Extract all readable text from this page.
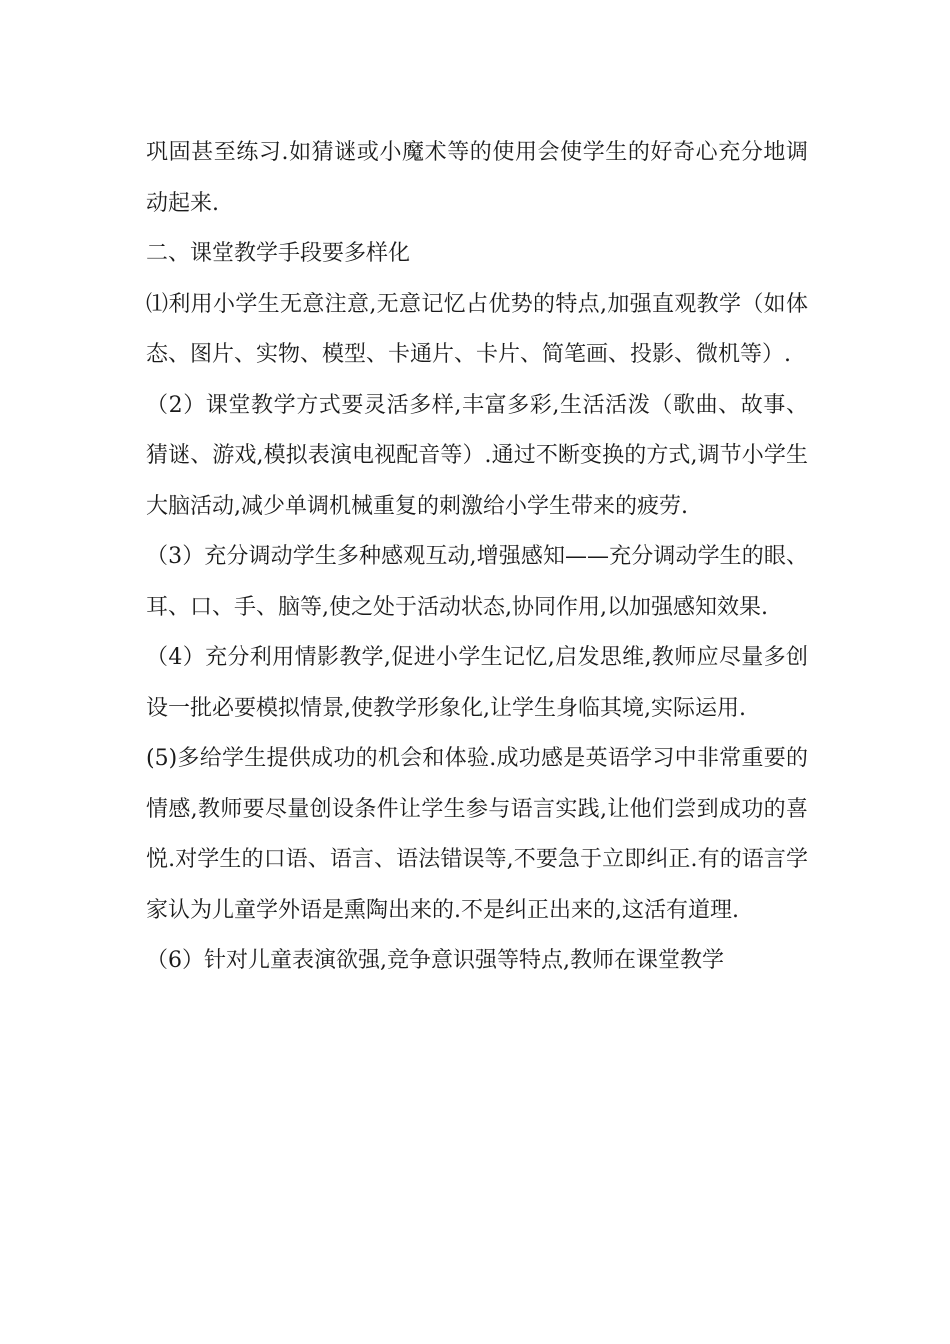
巩固甚至练习.如猜谜或小魔术等的使用会使学生的好奇心充分地调动起来.

二、课堂教学手段要多样化

⑴利用小学生无意注意,无意记忆占优势的特点,加强直观教学（如体态、图片、实物、模型、卡通片、卡片、简笔画、投影、微机等）.

（2）课堂教学方式要灵活多样,丰富多彩,生活活泼（歌曲、故事、猜谜、游戏,模拟表演电视配音等）.通过不断变换的方式,调节小学生大脑活动,减少单调机械重复的刺激给小学生带来的疲劳.

（3）充分调动学生多种感观互动,增强感知——充分调动学生的眼、耳、口、手、脑等,使之处于活动状态,协同作用,以加强感知效果.

（4）充分利用情影教学,促进小学生记忆,启发思维,教师应尽量多创设一批必要模拟情景,使教学形象化,让学生身临其境,实际运用.

(5)多给学生提供成功的机会和体验.成功感是英语学习中非常重要的情感,教师要尽量创设条件让学生参与语言实践,让他们尝到成功的喜悦.对学生的口语、语言、语法错误等,不要急于立即纠正.有的语言学家认为儿童学外语是熏陶出来的.不是纠正出来的,这活有道理.

（6）针对儿童表演欲强,竞争意识强等特点,教师在课堂教学
